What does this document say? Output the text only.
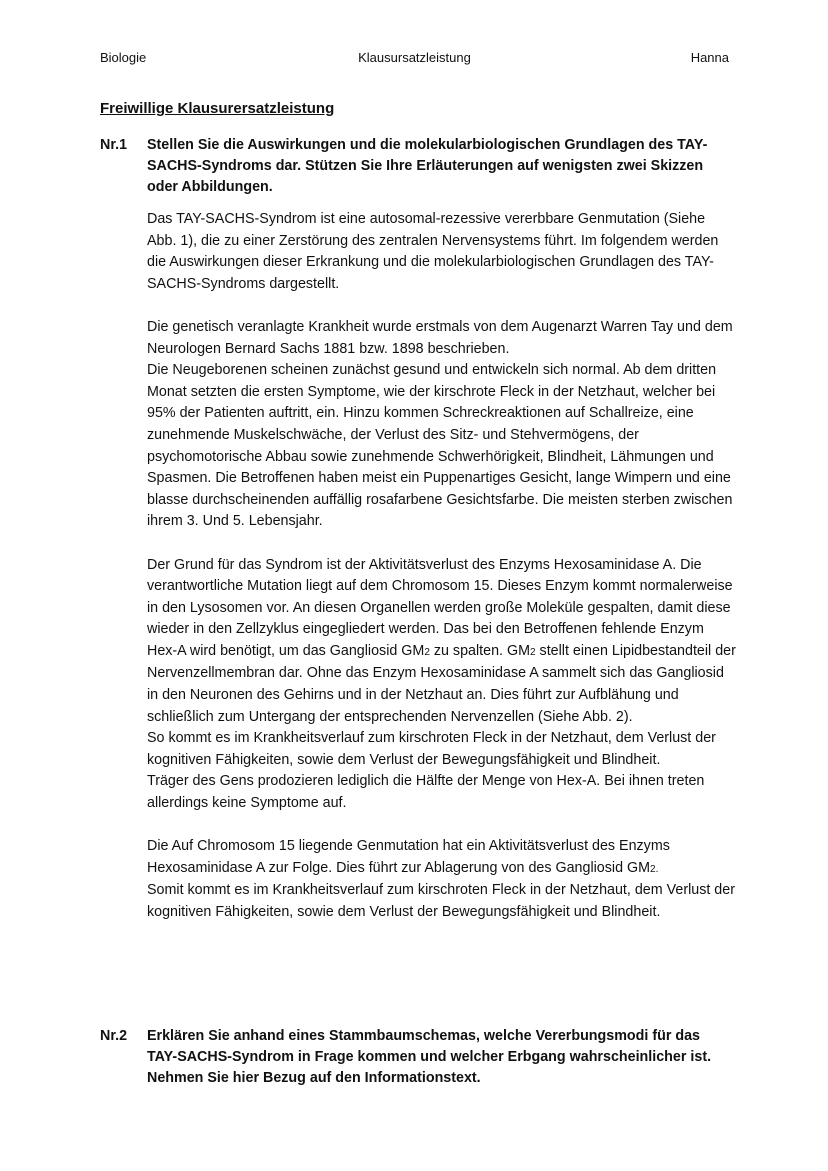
Biologie	Klausursatzleistung	Hanna
Freiwillige Klausurersatzleistung
Nr.1 Stellen Sie die Auswirkungen und die molekularbiologischen Grundlagen des TAY-SACHS-Syndroms dar. Stützen Sie Ihre Erläuterungen auf wenigsten zwei Skizzen oder Abbildungen.

Das TAY-SACHS-Syndrom ist eine autosomal-rezessive vererbbare Genmutation (Siehe Abb. 1), die zu einer Zerstörung des zentralen Nervensystems führt. Im folgendem werden die Auswirkungen dieser Erkrankung und die molekularbiologischen Grundlagen des TAY-SACHS-Syndroms dargestellt.

Die genetisch veranlagte Krankheit wurde erstmals von dem Augenarzt Warren Tay und dem Neurologen Bernard Sachs 1881 bzw. 1898 beschrieben.
Die Neugeborenen scheinen zunächst gesund und entwickeln sich normal. Ab dem dritten Monat setzten die ersten Symptome, wie der kirschrote Fleck in der Netzhaut, welcher bei 95% der Patienten auftritt, ein. Hinzu kommen Schreckreaktionen auf Schallreize, eine zunehmende Muskelschwäche, der Verlust des Sitz- und Stehvermögens, der psychomotorische Abbau sowie zunehmende Schwerhörigkeit, Blindheit, Lähmungen und Spasmen. Die Betroffenen haben meist ein Puppenartiges Gesicht, lange Wimpern und eine blasse durchscheinenden auffällig rosafarbene Gesichtsfarbe. Die meisten sterben zwischen ihrem 3. Und 5. Lebensjahr.

Der Grund für das Syndrom ist der Aktivitätsverlust des Enzyms Hexosaminidase A. Die verantwortliche Mutation liegt auf dem Chromosom 15. Dieses Enzym kommt normalerweise in den Lysosomen vor. An diesen Organellen werden große Moleküle gespalten, damit diese wieder in den Zellzyklus eingegliedert werden. Das bei den Betroffenen fehlende Enzym Hex-A wird benötigt, um das Gangliosid GM2 zu spalten. GM2 stellt einen Lipidbestandteil der Nervenzellmembran dar. Ohne das Enzym Hexosaminidase A sammelt sich das Gangliosid in den Neuronen des Gehirns und in der Netzhaut an. Dies führt zur Aufblähung und schließlich zum Untergang der entsprechenden Nervenzellen (Siehe Abb. 2).
So kommt es im Krankheitsverlauf zum kirschroten Fleck in der Netzhaut, dem Verlust der kognitiven Fähigkeiten, sowie dem Verlust der Bewegungsfähigkeit und Blindheit.
Träger des Gens prodozieren lediglich die Hälfte der Menge von Hex-A. Bei ihnen treten allerdings keine Symptome auf.

Die Auf Chromosom 15 liegende Genmutation hat ein Aktivitätsverlust des Enzyms Hexosaminidase A zur Folge. Dies führt zur Ablagerung von des Gangliosid GM2.
Somit kommt es im Krankheitsverlauf zum kirschroten Fleck in der Netzhaut, dem Verlust der kognitiven Fähigkeiten, sowie dem Verlust der Bewegungsfähigkeit und Blindheit.

Nr.2 Erklären Sie anhand eines Stammbaumschemas, welche Vererbungsmodi für das TAY-SACHS-Syndrom in Frage kommen und welcher Erbgang wahrscheinlicher ist. Nehmen Sie hier Bezug auf den Informationstext.
